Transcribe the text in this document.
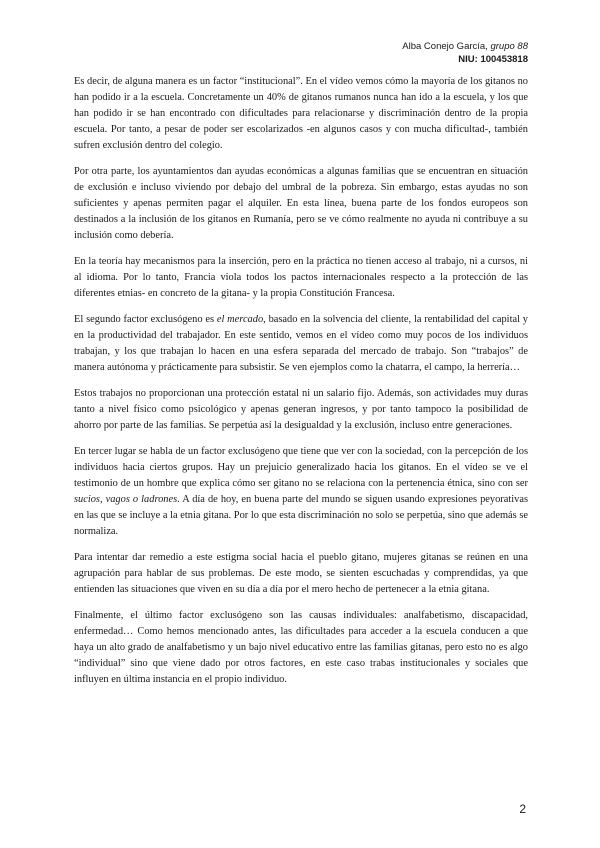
Alba Conejo García, grupo 88
NIU: 100453818

Es decir, de alguna manera es un factor “institucional”. En el vídeo vemos cómo la mayoría de los gitanos no han podido ir a la escuela. Concretamente un 40% de gitanos rumanos nunca han ido a la escuela, y los que han podido ir se han encontrado con dificultades para relacionarse y discriminación dentro de la propia escuela. Por tanto, a pesar de poder ser escolarizados -en algunos casos y con mucha dificultad-, también sufren exclusión dentro del colegio.

Por otra parte, los ayuntamientos dan ayudas económicas a algunas familias que se encuentran en situación de exclusión e incluso viviendo por debajo del umbral de la pobreza. Sin embargo, estas ayudas no son suficientes y apenas permiten pagar el alquiler. En esta línea, buena parte de los fondos europeos son destinados a la inclusión de los gitanos en Rumanía, pero se ve cómo realmente no ayuda ni contribuye a su inclusión como debería.

En la teoría hay mecanismos para la inserción, pero en la práctica no tienen acceso al trabajo, ni a cursos, ni al idioma. Por lo tanto, Francia viola todos los pactos internacionales respecto a la protección de las diferentes etnias- en concreto de la gitana- y la propia Constitución Francesa.

El segundo factor exclusógeno es el mercado, basado en la solvencia del cliente, la rentabilidad del capital y en la productividad del trabajador. En este sentido, vemos en el vídeo como muy pocos de los individuos trabajan, y los que trabajan lo hacen en una esfera separada del mercado de trabajo. Son “trabajos” de manera autónoma y prácticamente para subsistir. Se ven ejemplos como la chatarra, el campo, la herrería…

Estos trabajos no proporcionan una protección estatal ni un salario fijo. Además, son actividades muy duras tanto a nivel físico como psicológico y apenas generan ingresos, y por tanto tampoco la posibilidad de ahorro por parte de las familias. Se perpetúa así la desigualdad y la exclusión, incluso entre generaciones.

En tercer lugar se habla de un factor exclusógeno que tiene que ver con la sociedad, con la percepción de los individuos hacia ciertos grupos. Hay un prejuicio generalizado hacia los gitanos. En el vídeo se ve el testimonio de un hombre que explica cómo ser gitano no se relaciona con la pertenencia étnica, sino con ser sucios, vagos o ladrones. A día de hoy, en buena parte del mundo se siguen usando expresiones peyorativas en las que se incluye a la etnia gitana. Por lo que esta discriminación no solo se perpetúa, sino que además se normaliza.

Para intentar dar remedio a este estigma social hacia el pueblo gitano, mujeres gitanas se reúnen en una agrupación para hablar de sus problemas. De este modo, se sienten escuchadas y comprendidas, ya que entienden las situaciones que viven en su día a día por el mero hecho de pertenecer a la etnia gitana.

Finalmente, el último factor exclusógeno son las causas individuales: analfabetismo, discapacidad, enfermedad… Como hemos mencionado antes, las dificultades para acceder a la escuela conducen a que haya un alto grado de analfabetismo y un bajo nivel educativo entre las familias gitanas, pero esto no es algo “individual” sino que viene dado por otros factores, en este caso trabas institucionales y sociales que influyen en última instancia en el propio individuo.

2
